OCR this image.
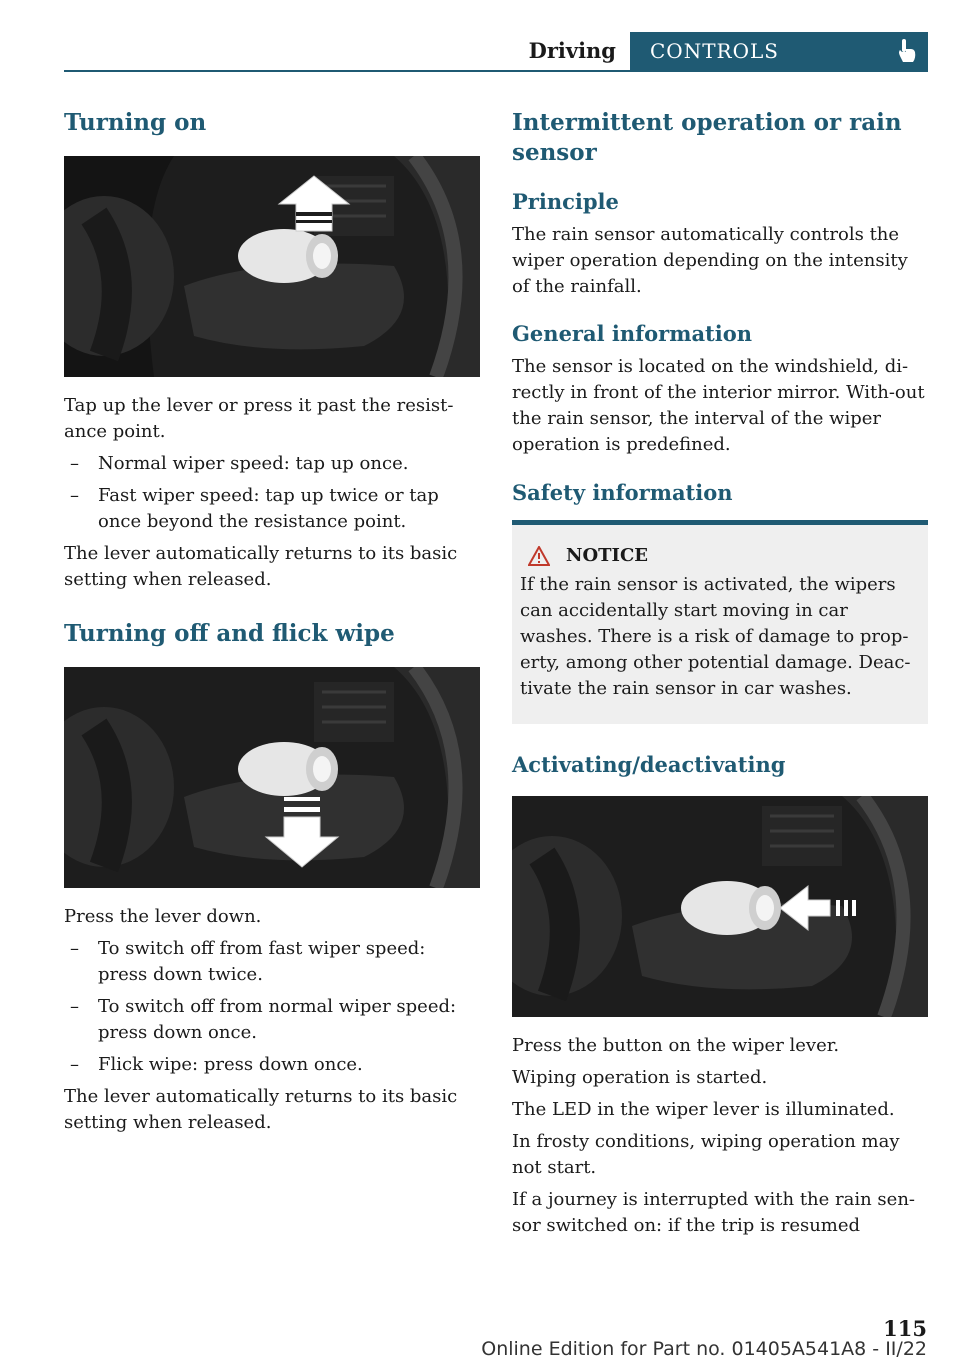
Driving CONTROLS
Turning on

Tap up the lever or press it past the resist-ance point.

– Normal wiper speed: tap up once.
– Fast wiper speed: tap up twice or tap once beyond the resistance point.

The lever automatically returns to its basic setting when released.

Turning off and flick wipe

Press the lever down.

– To switch off from fast wiper speed: press down twice.
– To switch off from normal wiper speed: press down once.
– Flick wipe: press down once.

The lever automatically returns to its basic setting when released.

Intermittent operation or rain sensor
Principle

The rain sensor automatically controls the wiper operation depending on the intensity of the rainfall.

General information

The sensor is located on the windshield, di-rectly in front of the interior mirror. With-out the rain sensor, the interval of the wiper operation is predefined.

Safety information
NOTICE

If the rain sensor is activated, the wipers can accidentally start moving in car washes. There is a risk of damage to prop-erty, among other potential damage. Deac-tivate the rain sensor in car washes.

Activating/deactivating

Press the button on the wiper lever.

Wiping operation is started.

The LED in the wiper lever is illuminated.

In frosty conditions, wiping operation may not start.

If a journey is interrupted with the rain sen-sor switched on: if the trip is resumed

115
Online Edition for Part no. 01405A541A8 - II/22
